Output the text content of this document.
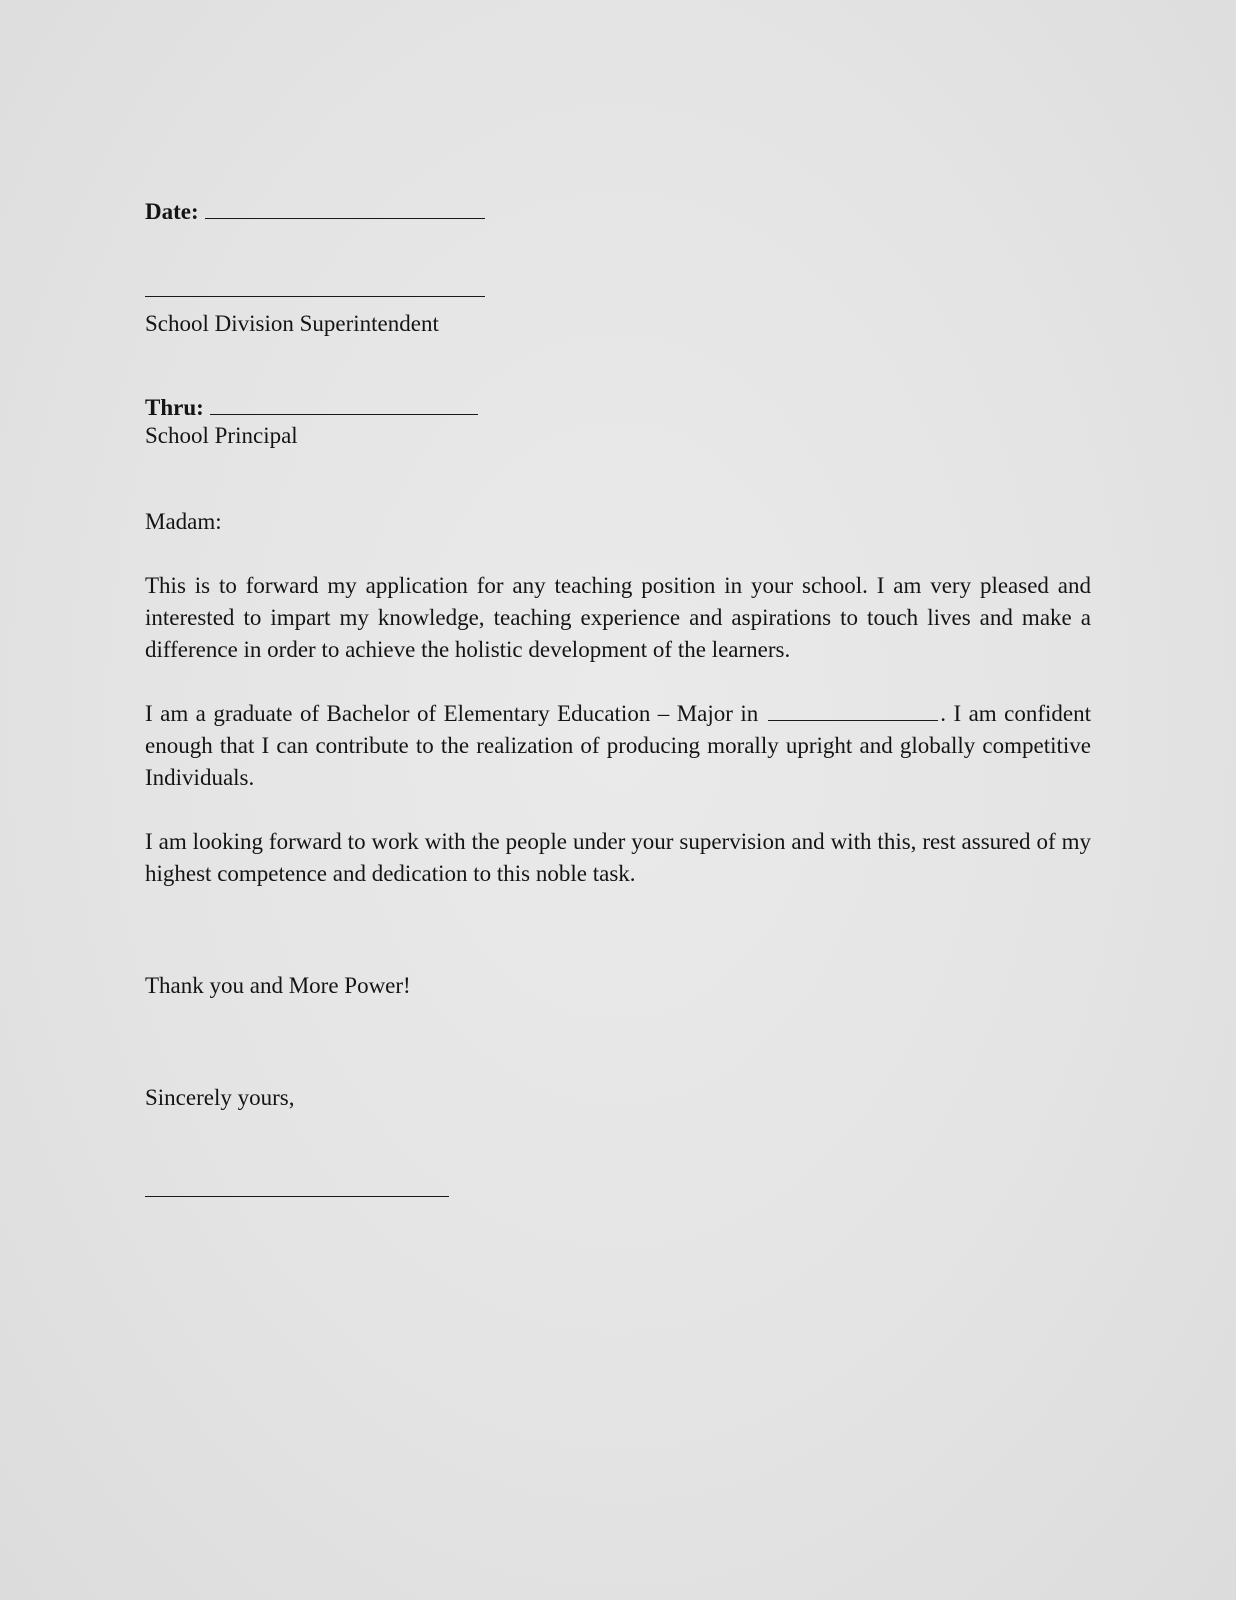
Date:
School Division Superintendent
Thru:
School Principal
Madam:

This is to forward my application for any teaching position in your school. I am very pleased and interested to impart my knowledge, teaching experience and aspirations to touch lives and make a difference in order to achieve the holistic development of the learners.

I am a graduate of Bachelor of Elementary Education – Major in	. I am confident enough that I can contribute to the realization of producing morally upright and globally competitive Individuals.

I am looking forward to work with the people under your supervision and with this, rest assured of my highest competence and dedication to this noble task.

Thank you and More Power!
Sincerely yours,
